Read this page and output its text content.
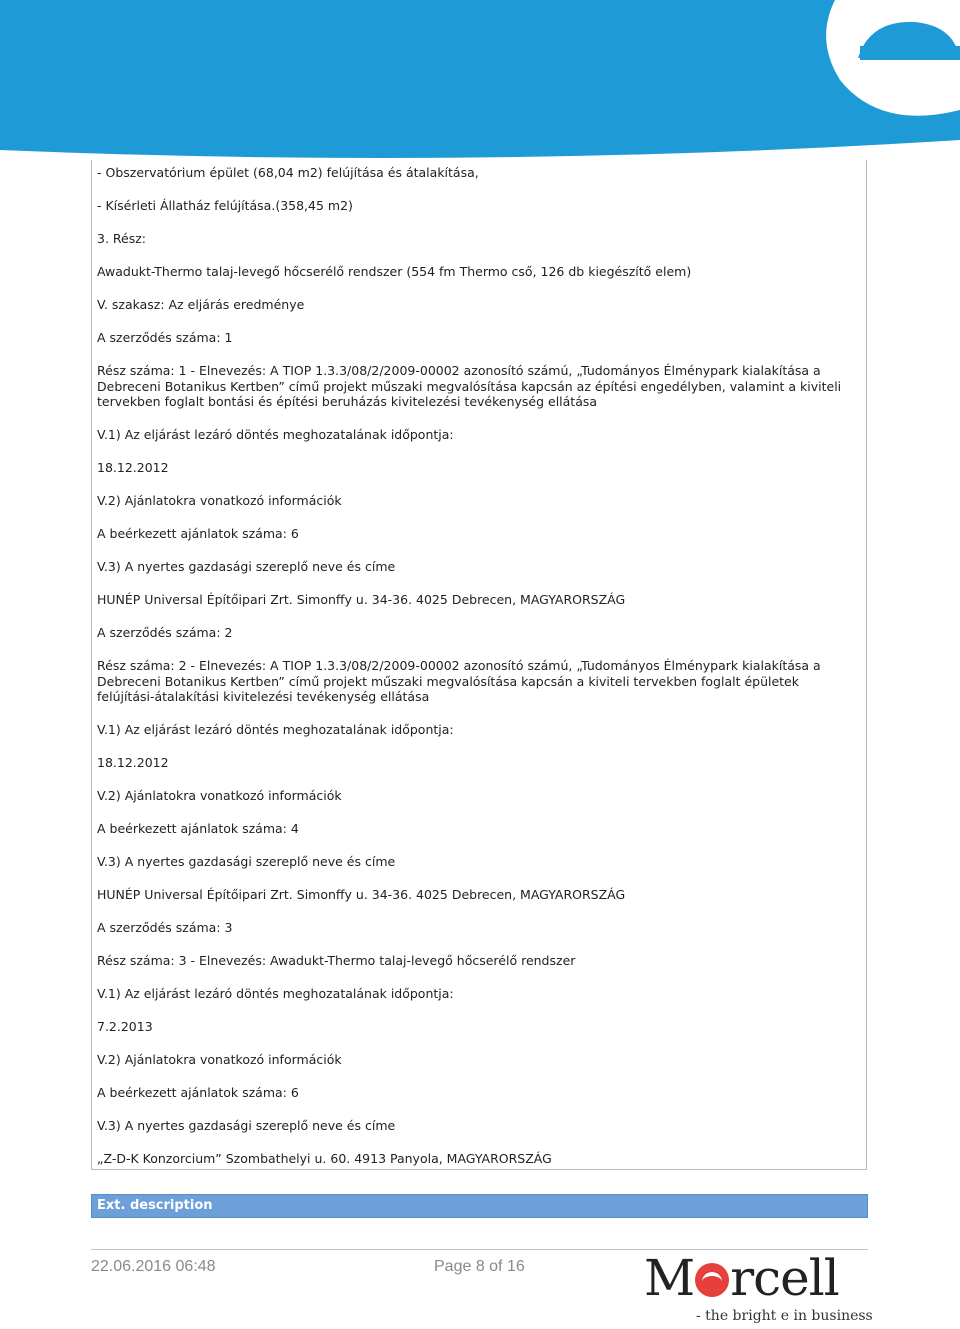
- Obszervatórium épület (68,04 m2) felújítása és átalakítása,
- Kísérleti Állatház felújítása.(358,45 m2)
3. Rész:
Awadukt-Thermo talaj-levegő hőcserélő rendszer (554 fm Thermo cső, 126 db kiegészítő elem)
V. szakasz: Az eljárás eredménye
A szerződés száma: 1
Rész száma: 1 - Elnevezés: A TIOP 1.3.3/08/2/2009-00002 azonosító számú, „Tudományos Élménypark kialakítása a Debreceni Botanikus Kertben” című projekt műszaki megvalósítása kapcsán az építési engedélyben, valamint a kiviteli tervekben foglalt bontási és építési beruházás kivitelezési tevékenység ellátása
V.1) Az eljárást lezáró döntés meghozatalának időpontja:
18.12.2012
V.2) Ajánlatokra vonatkozó információk
A beérkezett ajánlatok száma: 6
V.3) A nyertes gazdasági szereplő neve és címe
HUNÉP Universal Építőipari Zrt. Simonffy u. 34-36. 4025 Debrecen, MAGYARORSZÁG
A szerződés száma: 2
Rész száma: 2 - Elnevezés: A TIOP 1.3.3/08/2/2009-00002 azonosító számú, „Tudományos Élménypark kialakítása a Debreceni Botanikus Kertben” című projekt műszaki megvalósítása kapcsán a kiviteli tervekben foglalt épületek felújítási-átalakítási kivitelezési tevékenység ellátása
V.1) Az eljárást lezáró döntés meghozatalának időpontja:
18.12.2012
V.2) Ajánlatokra vonatkozó információk
A beérkezett ajánlatok száma: 4
V.3) A nyertes gazdasági szereplő neve és címe
HUNÉP Universal Építőipari Zrt. Simonffy u. 34-36. 4025 Debrecen, MAGYARORSZÁG
A szerződés száma: 3
Rész száma: 3 - Elnevezés: Awadukt-Thermo talaj-levegő hőcserélő rendszer
V.1) Az eljárást lezáró döntés meghozatalának időpontja:
7.2.2013
V.2) Ajánlatokra vonatkozó információk
A beérkezett ajánlatok száma: 6
V.3) A nyertes gazdasági szereplő neve és címe
„Z-D-K Konzorcium” Szombathelyi u. 60. 4913 Panyola, MAGYARORSZÁG
Ext. description
22.06.2016 06:48	Page 8 of 16 M rcell
- the bright e in business
